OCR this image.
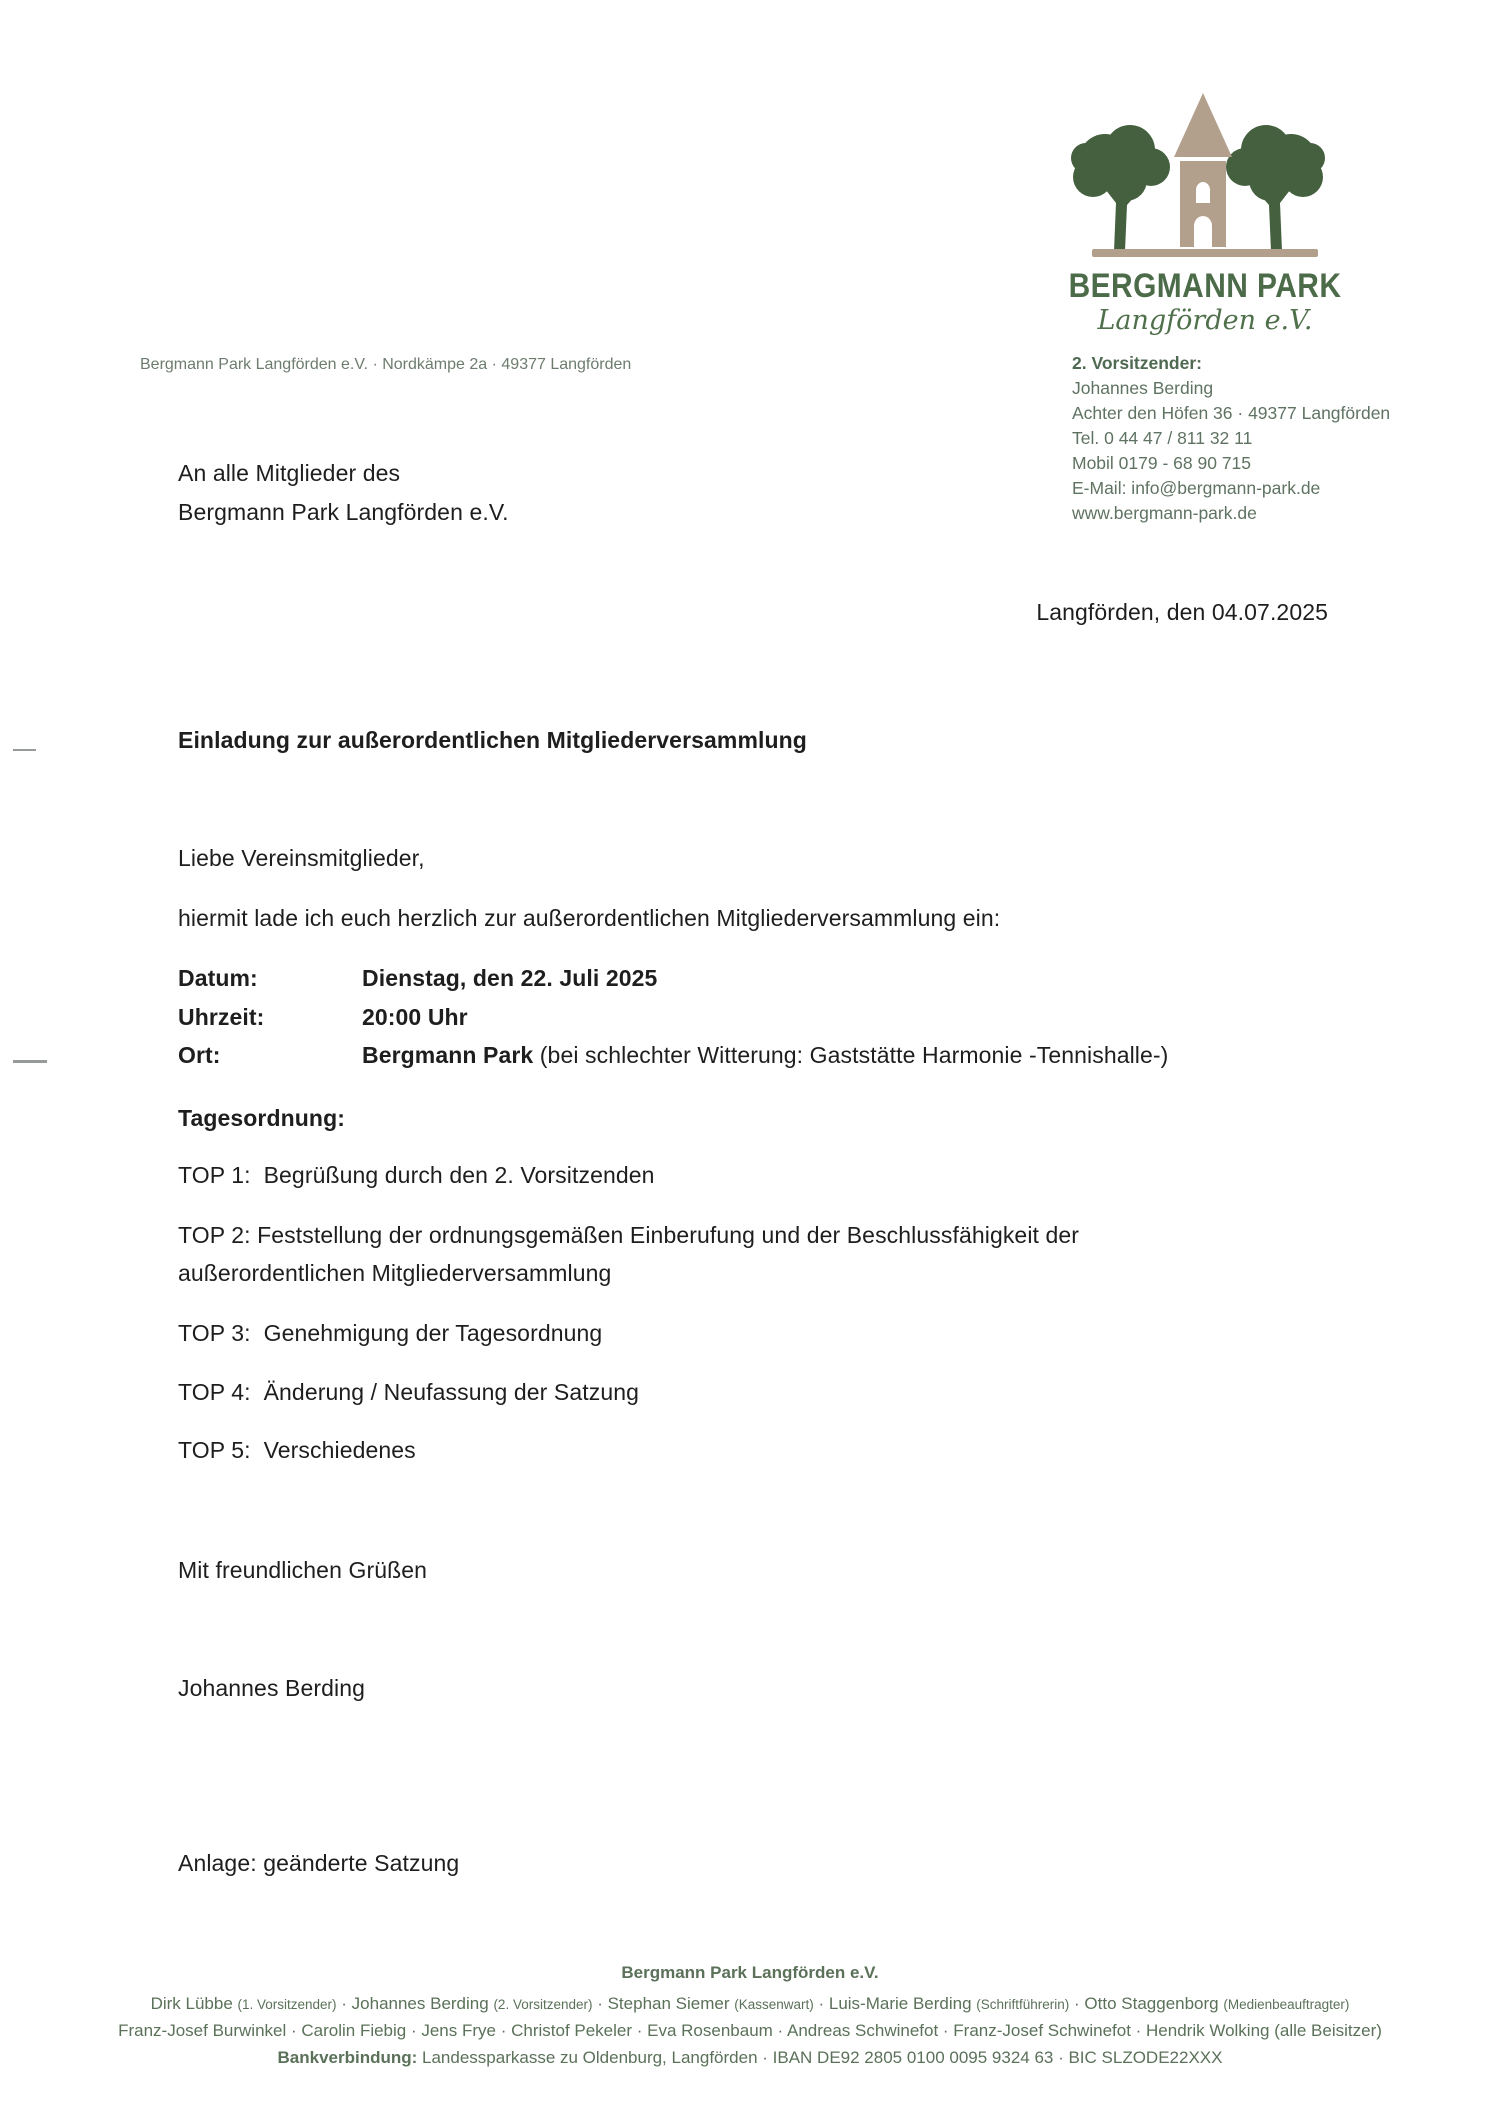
BERGMANN PARK
Langförden e.V.
Bergmann Park Langförden e.V. · Nordkämpe 2a · 49377 Langförden	2. Vorsitzender:
Johannes Berding
Achter den Höfen 36 · 49377 Langförden
Tel. 0 44 47 / 811 32 11
Mobil 0179 - 68 90 715
E-Mail: info@bergmann-park.de
www.bergmann-park.de
An alle Mitglieder des
Bergmann Park Langförden e.V.
Langförden, den 04.07.2025
Einladung zur außerordentlichen Mitgliederversammlung
Liebe Vereinsmitglieder,
hiermit lade ich euch herzlich zur außerordentlichen Mitgliederversammlung ein:
Datum:	Dienstag, den 22. Juli 2025
Uhrzeit:	20:00 Uhr
Ort:	Bergmann Park (bei schlechter Witterung: Gaststätte Harmonie -Tennishalle-)
Tagesordnung:
TOP 1:  Begrüßung durch den 2. Vorsitzenden
TOP 2: Feststellung der ordnungsgemäßen Einberufung und der Beschlussfähigkeit der außerordentlichen Mitgliederversammlung
TOP 3:  Genehmigung der Tagesordnung
TOP 4:  Änderung / Neufassung der Satzung
TOP 5:  Verschiedenes
Mit freundlichen Grüßen
Johannes Berding
Anlage: geänderte Satzung
Bergmann Park Langförden e.V.
Dirk Lübbe (1. Vorsitzender) · Johannes Berding (2. Vorsitzender) · Stephan Siemer (Kassenwart) · Luis-Marie Berding (Schriftführerin) · Otto Staggenborg (Medienbeauftragter)
Franz-Josef Burwinkel · Carolin Fiebig · Jens Frye · Christof Pekeler · Eva Rosenbaum · Andreas Schwinefot · Franz-Josef Schwinefot · Hendrik Wolking (alle Beisitzer)
Bankverbindung: Landessparkasse zu Oldenburg, Langförden · IBAN DE92 2805 0100 0095 9324 63 · BIC SLZODE22XXX
